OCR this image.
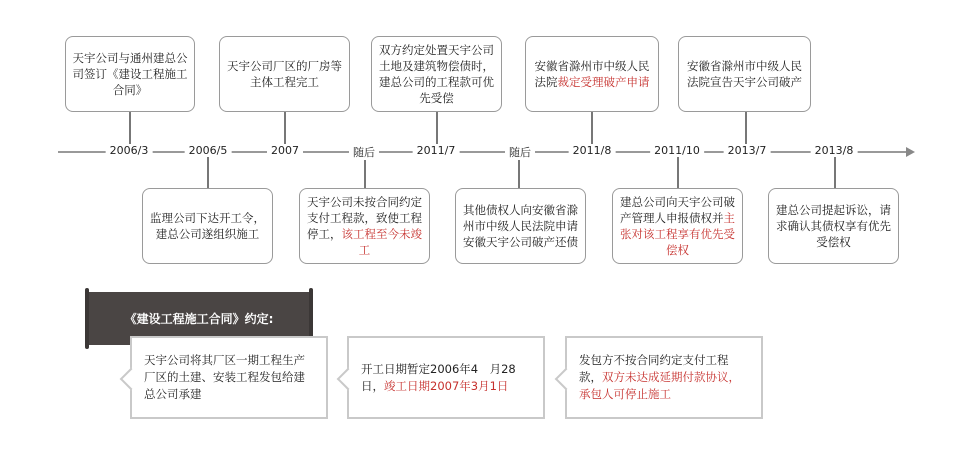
2006/3	2006/5	2007	随后	2011/7	随后	2011/8	2011/10	2013/7	2013/8
天宇公司与通州建总公司签订《建设工程施工合同》
天宇公司厂区的厂房等主体工程完工
双方约定处置天宇公司土地及建筑物偿债时，建总公司的工程款可优先受偿
安徽省滁州市中级人民法院裁定受理破产申请
安徽省滁州市中级人民法院宣告天宇公司破产
监理公司下达开工令，建总公司遂组织施工
天宇公司未按合同约定支付工程款，致使工程停工，该工程至今未竣工
其他债权人向安徽省滁州市中级人民法院申请安徽天宇公司破产还债
建总公司向天宇公司破产管理人申报债权并主张对该工程享有优先受偿权
建总公司提起诉讼，请求确认其债权享有优先受偿权
《建设工程施工合同》约定:
天宇公司将其厂区一期工程生产厂区的土建、安装工程发包给建总公司承建
开工日期暂定2006年4　月28日，竣工日期2007年3月1日
发包方不按合同约定支付工程款，双方未达成延期付款协议，承包人可停止施工
